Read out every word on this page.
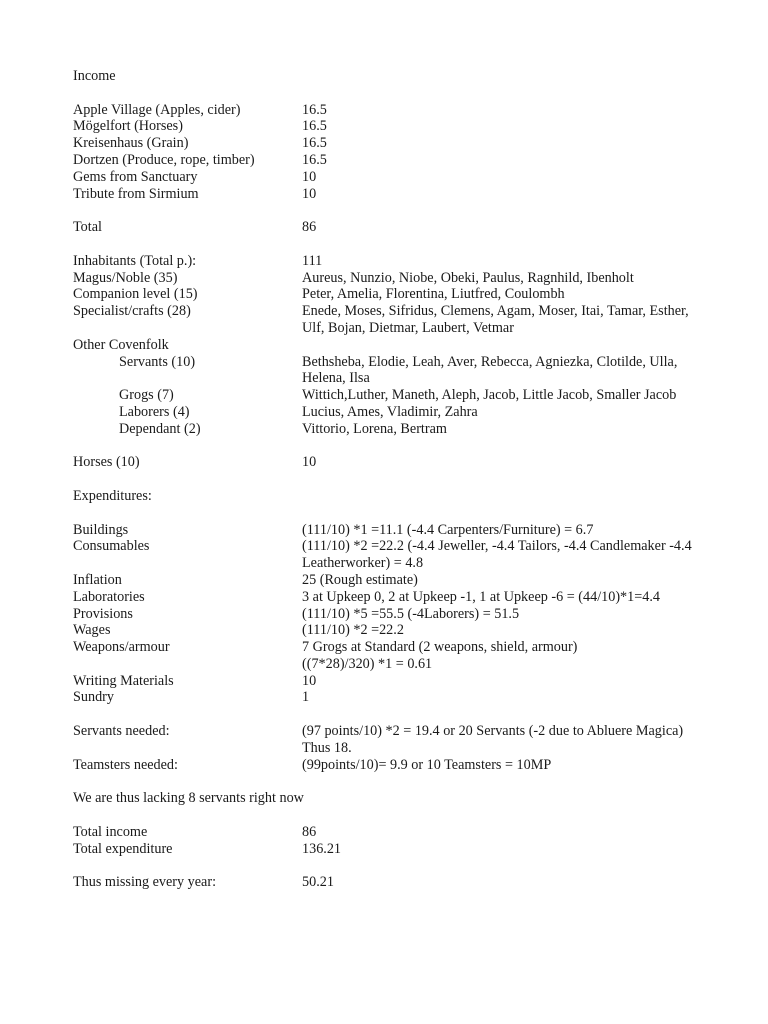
Income
Apple Village (Apples, cider)	16.5
Mögelfort (Horses)	16.5
Kreisenhaus (Grain)	16.5
Dortzen (Produce, rope, timber)	16.5
Gems from Sanctuary	10
Tribute from Sirmium	10
Total	86
Inhabitants (Total p.):	111
Magus/Noble (35)	Aureus, Nunzio, Niobe, Obeki, Paulus, Ragnhild, Ibenholt
Companion level (15)	Peter, Amelia, Florentina, Liutfred, Coulombh
Specialist/crafts (28)	Enede, Moses, Sifridus, Clemens, Agam, Moser, Itai, Tamar, Esther, Ulf, Bojan, Dietmar, Laubert, Vetmar
Other Covenfolk
Servants (10)	Bethsheba, Elodie, Leah, Aver, Rebecca, Agniezka, Clotilde, Ulla, Helena, Ilsa
Grogs (7)	Wittich,Luther, Maneth, Aleph, Jacob, Little Jacob, Smaller Jacob
Laborers (4)	Lucius, Ames, Vladimir, Zahra
Dependant (2)	Vittorio, Lorena, Bertram
Horses (10)	10
Expenditures:
Buildings	(111/10) *1 =11.1 (-4.4 Carpenters/Furniture) = 6.7
Consumables	(111/10) *2 =22.2 (-4.4 Jeweller, -4.4 Tailors, -4.4 Candlemaker -4.4 Leatherworker) = 4.8
Inflation	25 (Rough estimate)
Laboratories	3 at Upkeep 0, 2 at Upkeep -1, 1 at Upkeep -6 = (44/10)*1=4.4
Provisions	(111/10) *5 =55.5 (-4Laborers) = 51.5
Wages	(111/10) *2 =22.2
Weapons/armour	7 Grogs at Standard (2 weapons, shield, armour)
((7*28)/320) *1 = 0.61
Writing Materials	10
Sundry	1
Servants needed:	(97 points/10) *2 = 19.4 or 20 Servants (-2 due to Abluere Magica) Thus 18.
Teamsters needed:	(99points/10)= 9.9 or 10 Teamsters = 10MP
We are thus lacking 8 servants right now
Total income	86
Total expenditure	136.21
Thus missing every year:	50.21
